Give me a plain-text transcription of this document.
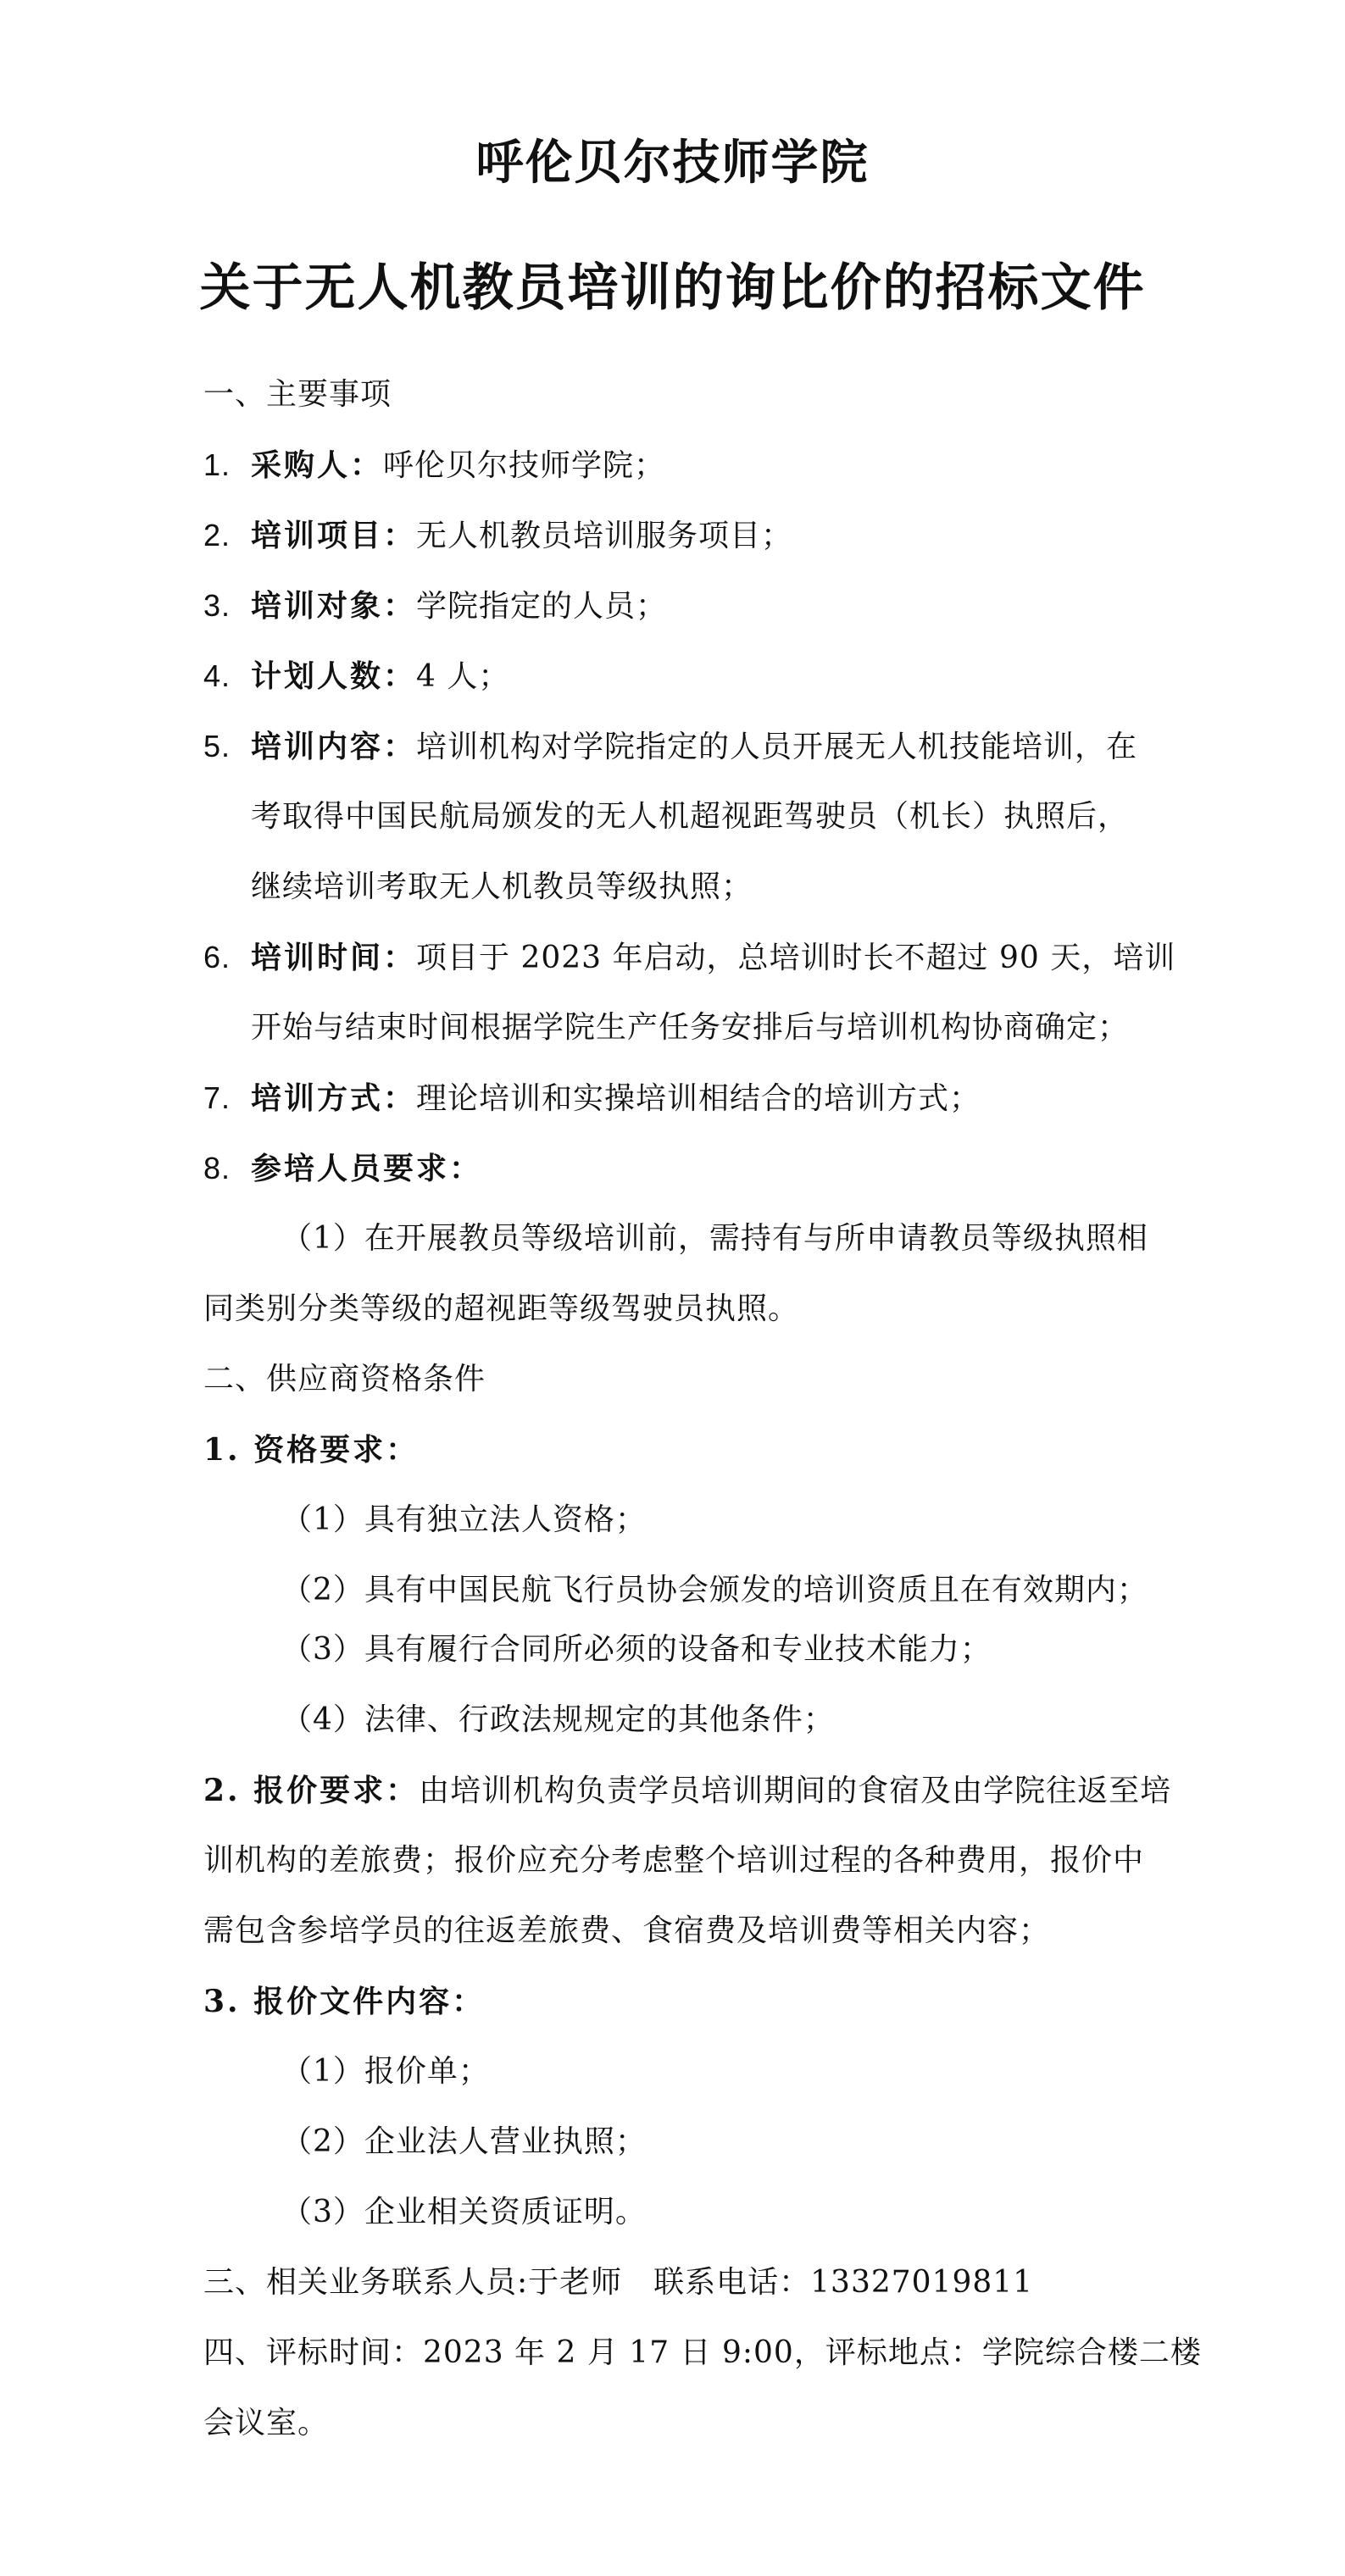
呼伦贝尔技师学院
关于无人机教员培训的询比价的招标文件
一、主要事项
1. 采购人：呼伦贝尔技师学院；
2. 培训项目：无人机教员培训服务项目；
3. 培训对象：学院指定的人员；
4. 计划人数：4 人；
5. 培训内容：培训机构对学院指定的人员开展无人机技能培训，在
考取得中国民航局颁发的无人机超视距驾驶员（机长）执照后，
继续培训考取无人机教员等级执照；
6. 培训时间：项目于 2023 年启动，总培训时长不超过 90 天，培训
开始与结束时间根据学院生产任务安排后与培训机构协商确定；
7. 培训方式：理论培训和实操培训相结合的培训方式；
8. 参培人员要求：
（1）在开展教员等级培训前，需持有与所申请教员等级执照相
同类别分类等级的超视距等级驾驶员执照。
二、供应商资格条件
1. 资格要求：
（1）具有独立法人资格；
（2）具有中国民航飞行员协会颁发的培训资质且在有效期内；
（3）具有履行合同所必须的设备和专业技术能力；
（4）法律、行政法规规定的其他条件；
2. 报价要求：由培训机构负责学员培训期间的食宿及由学院往返至培
训机构的差旅费；报价应充分考虑整个培训过程的各种费用，报价中
需包含参培学员的往返差旅费、食宿费及培训费等相关内容；
3. 报价文件内容：
（1）报价单；
（2）企业法人营业执照；
（3）企业相关资质证明。
三、相关业务联系人员:于老师　联系电话：13327019811
四、评标时间：2023 年 2 月 17 日 9:00，评标地点：学院综合楼二楼
会议室。
